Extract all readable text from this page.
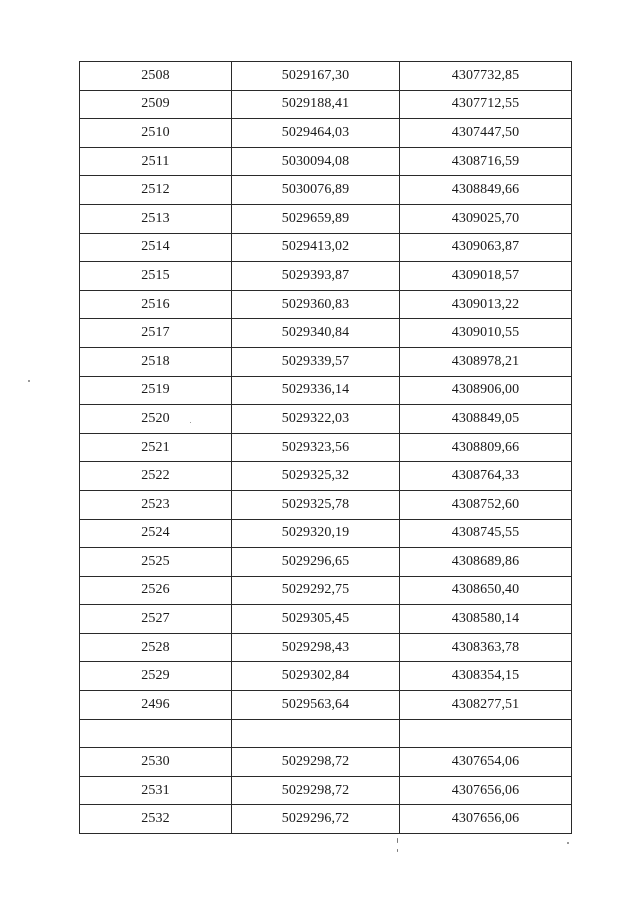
2508	5029167,30	4307732,85
2509	5029188,41	4307712,55
2510	5029464,03	4307447,50
2511	5030094,08	4308716,59
2512	5030076,89	4308849,66
2513	5029659,89	4309025,70
2514	5029413,02	4309063,87
2515	5029393,87	4309018,57
2516	5029360,83	4309013,22
2517	5029340,84	4309010,55
2518	5029339,57	4308978,21
2519	5029336,14	4308906,00
2520	5029322,03	4308849,05
2521	5029323,56	4308809,66
2522	5029325,32	4308764,33
2523	5029325,78	4308752,60
2524	5029320,19	4308745,55
2525	5029296,65	4308689,86
2526	5029292,75	4308650,40
2527	5029305,45	4308580,14
2528	5029298,43	4308363,78
2529	5029302,84	4308354,15
2496	5029563,64	4308277,51

2530	5029298,72	4307654,06
2531	5029298,72	4307656,06
2532	5029296,72	4307656,06
